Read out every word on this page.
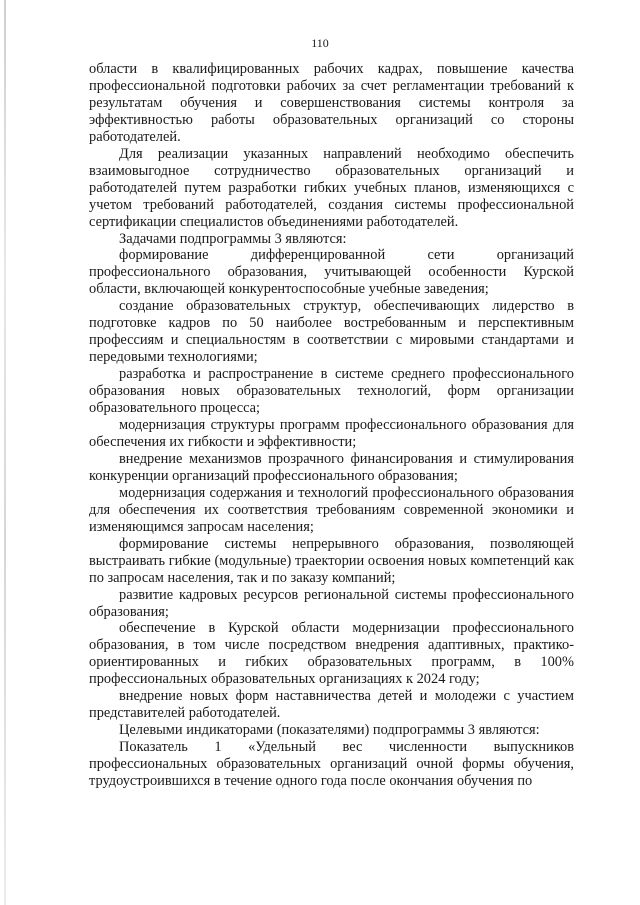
110

области в квалифицированных рабочих кадрах, повышение качества профессиональной подготовки рабочих за счет регламентации требований к результатам обучения и совершенствования системы контроля за эффективностью работы образовательных организаций со стороны работодателей.

Для реализации указанных направлений необходимо обеспечить взаимовыгодное сотрудничество образовательных организаций и работодателей путем разработки гибких учебных планов, изменяющихся с учетом требований работодателей, создания системы профессиональной сертификации специалистов объединениями работодателей.

Задачами подпрограммы 3 являются:

формирование дифференцированной сети организаций профессионального образования, учитывающей особенности Курской области, включающей конкурентоспособные учебные заведения;

создание образовательных структур, обеспечивающих лидерство в подготовке кадров по 50 наиболее востребованным и перспективным профессиям и специальностям в соответствии с мировыми стандартами и передовыми технологиями;

разработка и распространение в системе среднего профессионального образования новых образовательных технологий, форм организации образовательного процесса;

модернизация структуры программ профессионального образования для обеспечения их гибкости и эффективности;

внедрение механизмов прозрачного финансирования и стимулирования конкуренции организаций профессионального образования;

модернизация содержания и технологий профессионального образования для обеспечения их соответствия требованиям современной экономики и изменяющимся запросам населения;

формирование системы непрерывного образования, позволяющей выстраивать гибкие (модульные) траектории освоения новых компетенций как по запросам населения, так и по заказу компаний;

развитие кадровых ресурсов региональной системы профессионального образования;

обеспечение в Курской области модернизации профессионального образования, в том числе посредством внедрения адаптивных, практико-ориентированных и гибких образовательных программ, в 100% профессиональных образовательных организациях к 2024 году;

внедрение новых форм наставничества детей и молодежи с участием представителей работодателей.

Целевыми индикаторами (показателями) подпрограммы 3 являются:

Показатель 1 «Удельный вес численности выпускников профессиональных образовательных организаций очной формы обучения, трудоустроившихся в течение одного года после окончания обучения по
